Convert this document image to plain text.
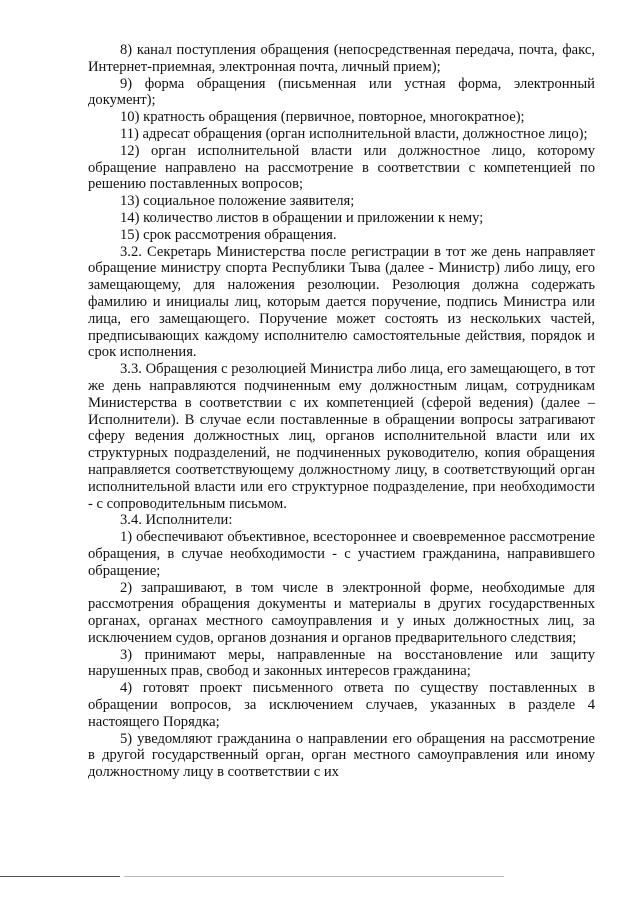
8) канал поступления обращения (непосредственная передача, почта, факс, Интернет-приемная, электронная почта, личный прием);

9) форма обращения (письменная или устная форма, электронный документ);

10) кратность обращения (первичное, повторное, многократное);

11) адресат обращения (орган исполнительной власти, должностное лицо);

12) орган исполнительной власти или должностное лицо, которому обращение направлено на рассмотрение в соответствии с компетенцией по решению поставленных вопросов;

13) социальное положение заявителя;

14) количество листов в обращении и приложении к нему;

15) срок рассмотрения обращения.

3.2. Секретарь Министерства после регистрации в тот же день направляет обращение министру спорта Республики Тыва (далее - Министр) либо лицу, его замещающему, для наложения резолюции. Резолюция должна содержать фамилию и инициалы лиц, которым дается поручение, подпись Министра или лица, его замещающего. Поручение может состоять из нескольких частей, предписывающих каждому исполнителю самостоятельные действия, порядок и срок исполнения.

3.3. Обращения с резолюцией Министра либо лица, его замещающего, в тот же день направляются подчиненным ему должностным лицам, сотрудникам Министерства в соответствии с их компетенцией (сферой ведения) (далее – Исполнители). В случае если поставленные в обращении вопросы затрагивают сферу ведения должностных лиц, органов исполнительной власти или их структурных подразделений, не подчиненных руководителю, копия обращения направляется соответствующему должностному лицу, в соответствующий орган исполнительной власти или его структурное подразделение, при необходимости - с сопроводительным письмом.

3.4. Исполнители:

1) обеспечивают объективное, всестороннее и своевременное рассмотрение обращения, в случае необходимости - с участием гражданина, направившего обращение;

2) запрашивают, в том числе в электронной форме, необходимые для рассмотрения обращения документы и материалы в других государственных органах, органах местного самоуправления и у иных должностных лиц, за исключением судов, органов дознания и органов предварительного следствия;

3) принимают меры, направленные на восстановление или защиту нарушенных прав, свобод и законных интересов гражданина;

4) готовят проект письменного ответа по существу поставленных в обращении вопросов, за исключением случаев, указанных в разделе 4 настоящего Порядка;

5) уведомляют гражданина о направлении его обращения на рассмотрение в другой государственный орган, орган местного самоуправления или иному должностному лицу в соответствии с их
